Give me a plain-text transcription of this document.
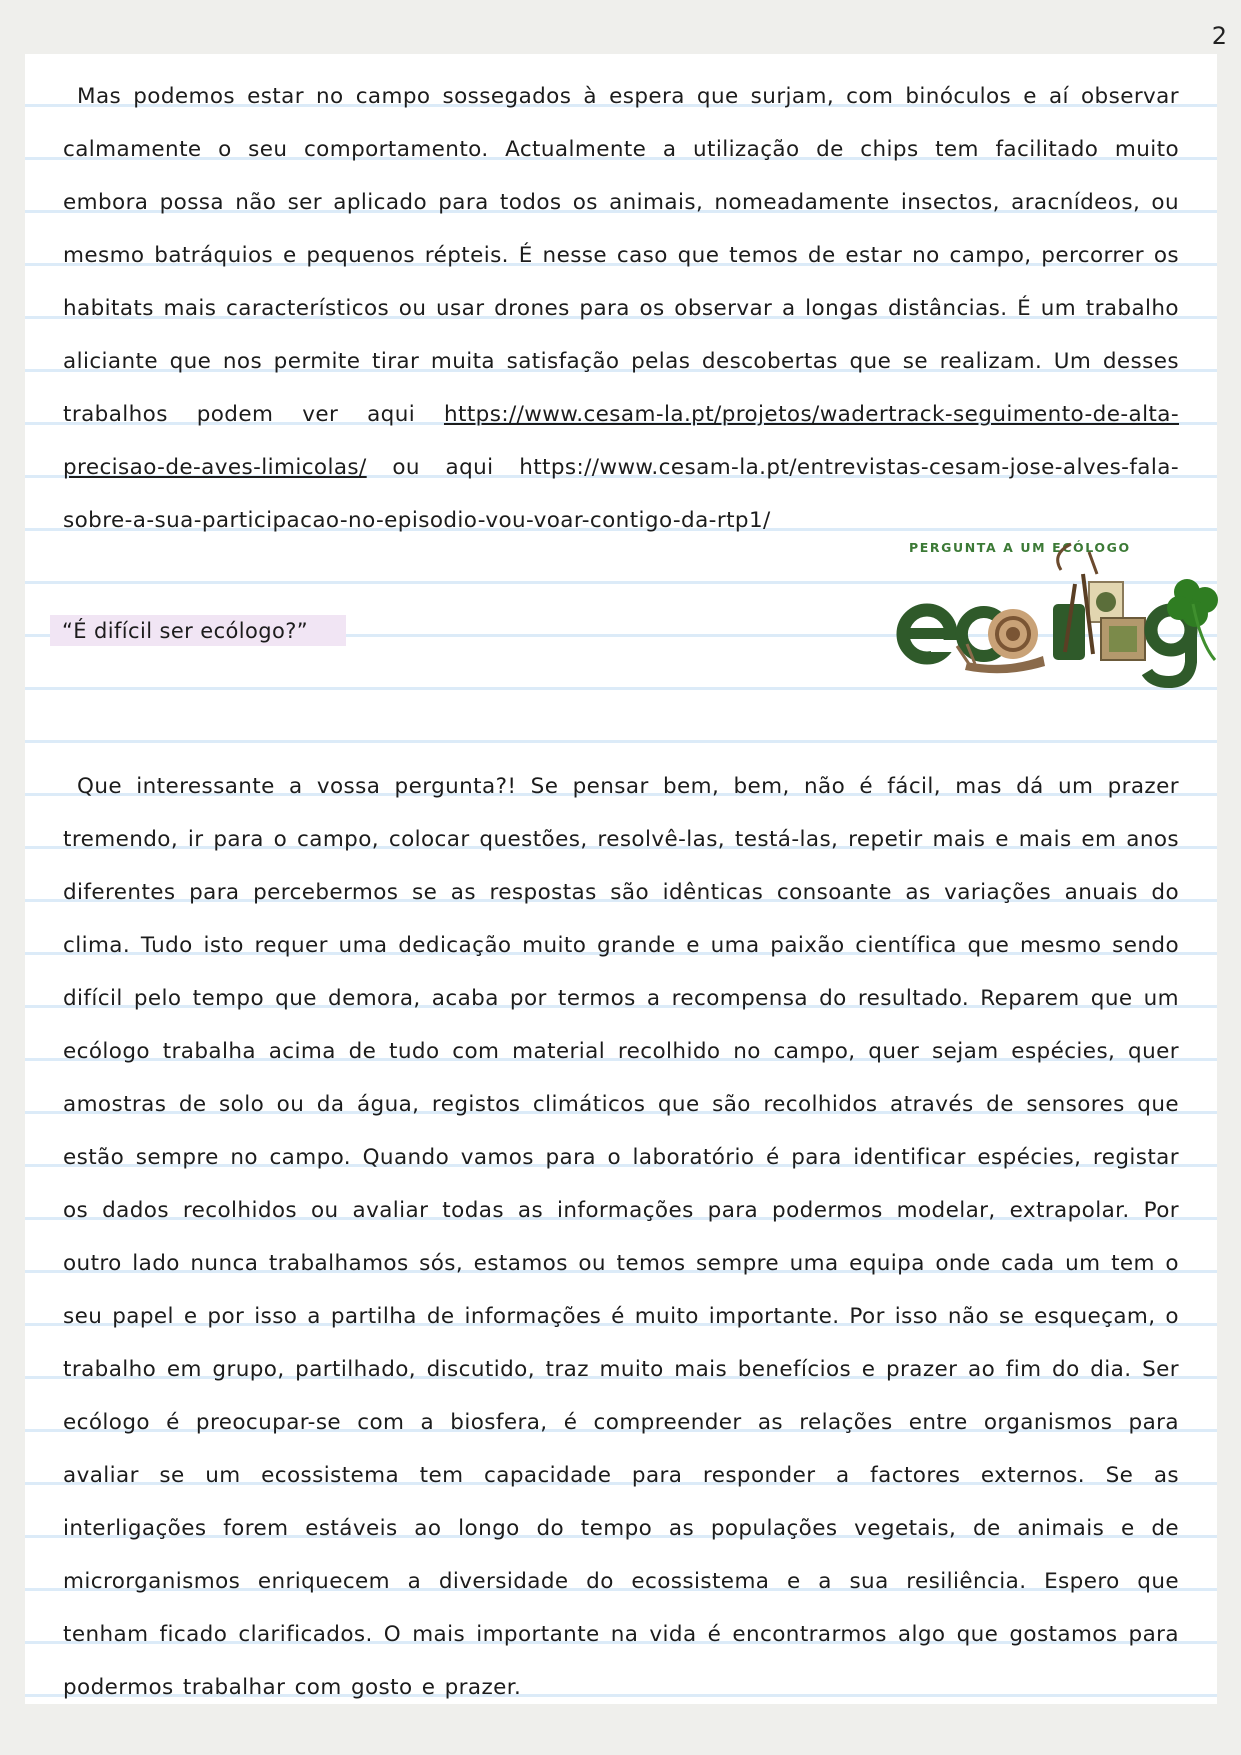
2

Mas podemos estar no campo sossegados à espera que surjam, com binóculos e aí observar calmamente o seu comportamento. Actualmente a utilização de chips tem facilitado muito embora possa não ser aplicado para todos os animais, nomeadamente insectos, aracnídeos, ou mesmo batráquios e pequenos répteis. É nesse caso que temos de estar no campo, percorrer os habitats mais característicos ou usar drones para os observar a longas distâncias. É um trabalho aliciante que nos permite tirar muita satisfação pelas descobertas que se realizam. Um desses trabalhos podem ver aqui https://www.cesam-la.pt/projetos/wadertrack-seguimento-de-alta-precisao-de-aves-limicolas/ ou aqui https://www.cesam-la.pt/entrevistas-cesam-jose-alves-fala-sobre-a-sua-participacao-no-episodio-vou-voar-contigo-da-rtp1/

PERGUNTA A UM ECÓLOGO
“É difícil ser ecólogo?”

Que interessante a vossa pergunta?! Se pensar bem, bem, não é fácil, mas dá um prazer tremendo, ir para o campo, colocar questões, resolvê-las, testá-las, repetir mais e mais em anos diferentes para percebermos se as respostas são idênticas consoante as variações anuais do clima. Tudo isto requer uma dedicação muito grande e uma paixão científica que mesmo sendo difícil pelo tempo que demora, acaba por termos a recompensa do resultado. Reparem que um ecólogo trabalha acima de tudo com material recolhido no campo, quer sejam espécies, quer amostras de solo ou da água, registos climáticos que são recolhidos através de sensores que estão sempre no campo. Quando vamos para o laboratório é para identificar espécies, registar os dados recolhidos ou avaliar todas as informações para podermos modelar, extrapolar. Por outro lado nunca trabalhamos sós, estamos ou temos sempre uma equipa onde cada um tem o seu papel e por isso a partilha de informações é muito importante. Por isso não se esqueçam, o trabalho em grupo, partilhado, discutido, traz muito mais benefícios e prazer ao fim do dia. Ser ecólogo é preocupar-se com a biosfera, é compreender as relações entre organismos para avaliar se um ecossistema tem capacidade para responder a factores externos. Se as interligações forem estáveis ao longo do tempo as populações vegetais, de animais e de microrganismos enriquecem a diversidade do ecossistema e a sua resiliência. Espero que tenham ficado clarificados. O mais importante na vida é encontrarmos algo que gostamos para podermos trabalhar com gosto e prazer.
